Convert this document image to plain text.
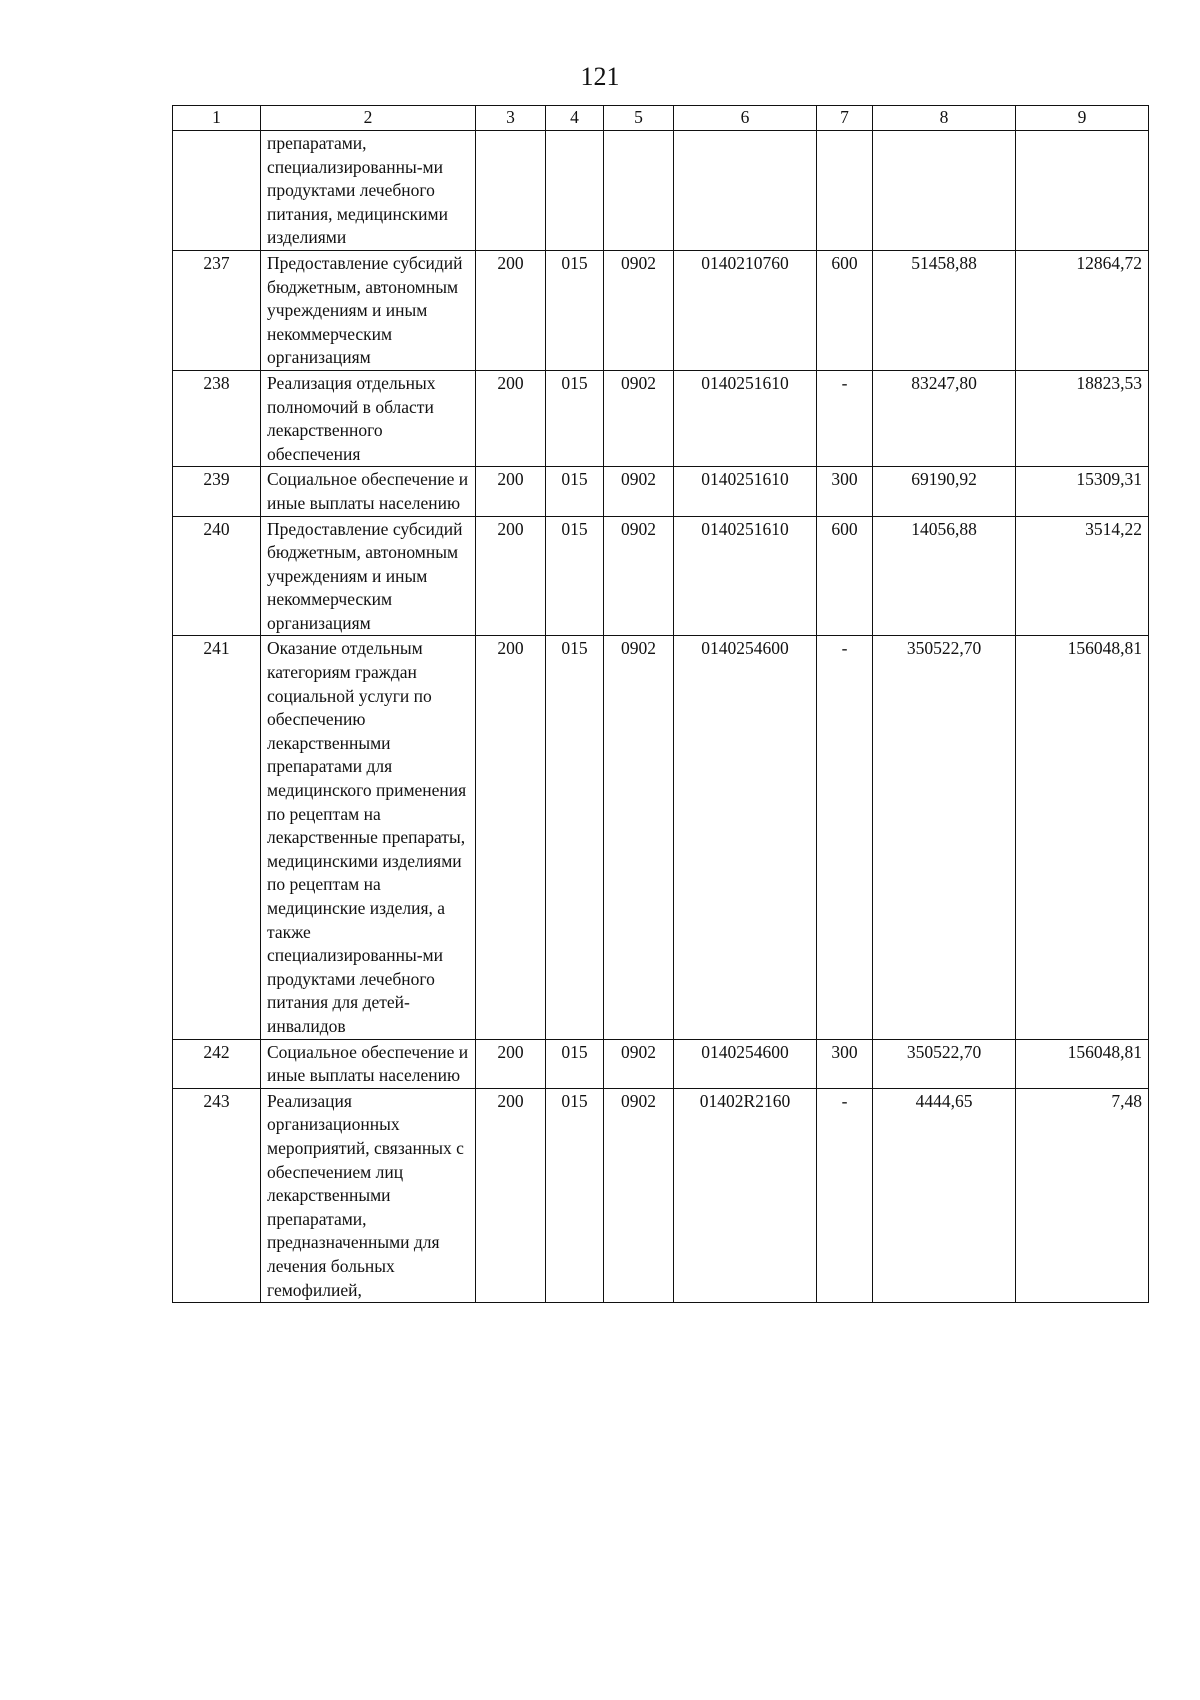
121
1	2	3	4	5	6	7	8	9
	препаратами, специализированны-ми продуктами лечебного питания, медицинскими изделиями							
237	Предоставление субсидий бюджетным, автономным учреждениям и иным некоммерческим организациям	200	015	0902	0140210760	600	51458,88	12864,72
238	Реализация отдельных полномочий в области лекарственного обеспечения	200	015	0902	0140251610	-	83247,80	18823,53
239	Социальное обеспечение и иные выплаты населению	200	015	0902	0140251610	300	69190,92	15309,31
240	Предоставление субсидий бюджетным, автономным учреждениям и иным некоммерческим организациям	200	015	0902	0140251610	600	14056,88	3514,22
241	Оказание отдельным категориям граждан социальной услуги по обеспечению лекарственными препаратами для медицинского применения по рецептам на лекарственные препараты, медицинскими изделиями по рецептам на медицинские изделия, а также специализированны-ми продуктами лечебного питания для детей-инвалидов	200	015	0902	0140254600	-	350522,70	156048,81
242	Социальное обеспечение и иные выплаты населению	200	015	0902	0140254600	300	350522,70	156048,81
243	Реализация организационных мероприятий, связанных с обеспечением лиц лекарственными препаратами, предназначенными для лечения больных гемофилией,	200	015	0902	01402R2160	-	4444,65	7,48
